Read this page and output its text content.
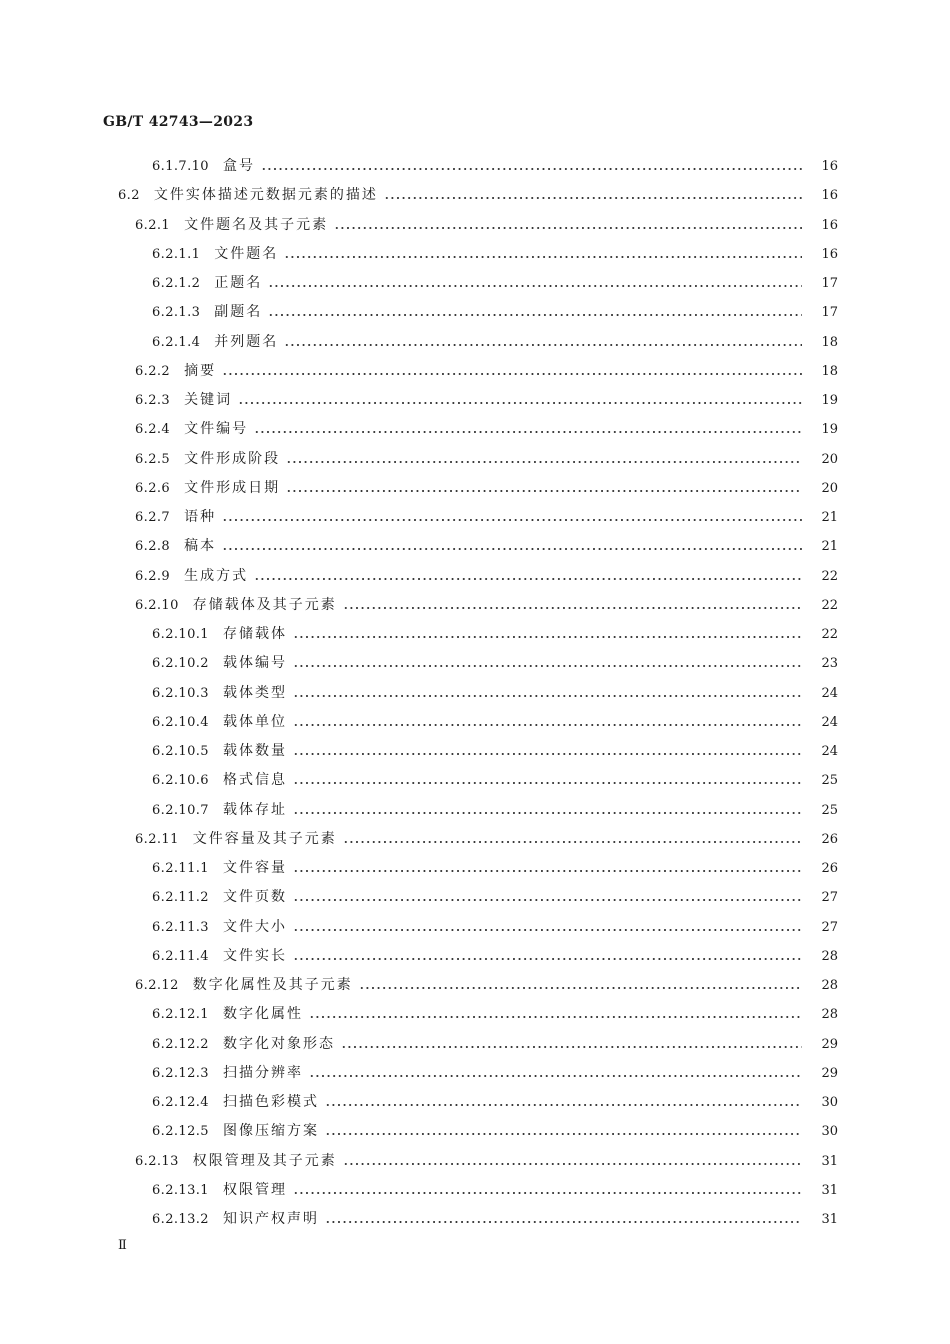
GB/T 42743—2023
6.1.7.10 盒号	16
6.2 文件实体描述元数据元素的描述	16
6.2.1 文件题名及其子元素	16
6.2.1.1 文件题名	16
6.2.1.2 正题名	17
6.2.1.3 副题名	17
6.2.1.4 并列题名	18
6.2.2 摘要	18
6.2.3 关键词	19
6.2.4 文件编号	19
6.2.5 文件形成阶段	20
6.2.6 文件形成日期	20
6.2.7 语种	21
6.2.8 稿本	21
6.2.9 生成方式	22
6.2.10 存储载体及其子元素	22
6.2.10.1 存储载体	22
6.2.10.2 载体编号	23
6.2.10.3 载体类型	24
6.2.10.4 载体单位	24
6.2.10.5 载体数量	24
6.2.10.6 格式信息	25
6.2.10.7 载体存址	25
6.2.11 文件容量及其子元素	26
6.2.11.1 文件容量	26
6.2.11.2 文件页数	27
6.2.11.3 文件大小	27
6.2.11.4 文件实长	28
6.2.12 数字化属性及其子元素	28
6.2.12.1 数字化属性	28
6.2.12.2 数字化对象形态	29
6.2.12.3 扫描分辨率	29
6.2.12.4 扫描色彩模式	30
6.2.12.5 图像压缩方案	30
6.2.13 权限管理及其子元素	31
6.2.13.1 权限管理	31
6.2.13.2 知识产权声明	31
Ⅱ
